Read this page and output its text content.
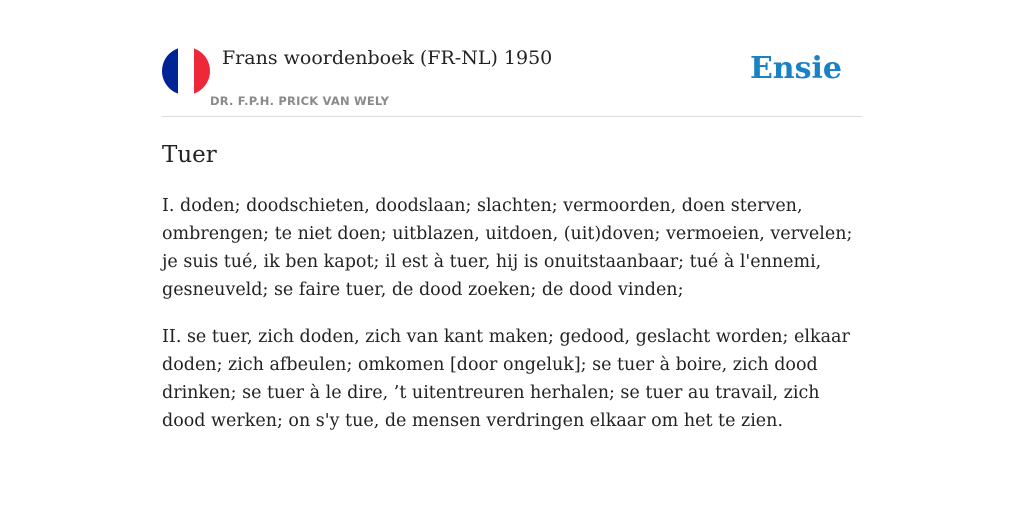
Frans woordenboek (FR-NL) 1950
DR. F.P.H. PRICK VAN WELY
Ensie
Tuer

I. doden; doodschieten, doodslaan; slachten; vermoorden, doen sterven, ombrengen; te niet doen; uitblazen, uitdoen, (uit)doven; vermoeien, vervelen; je suis tué, ik ben kapot; il est à tuer, hij is onuitstaanbaar; tué à l'ennemi, gesneuveld; se faire tuer, de dood zoeken; de dood vinden;

II. se tuer, zich doden, zich van kant maken; gedood, geslacht worden; elkaar doden; zich afbeulen; omkomen [door ongeluk]; se tuer à boire, zich dood drinken; se tuer à le dire, ’t uitentreuren herhalen; se tuer au travail, zich dood werken; on s'y tue, de mensen verdringen elkaar om het te zien.
